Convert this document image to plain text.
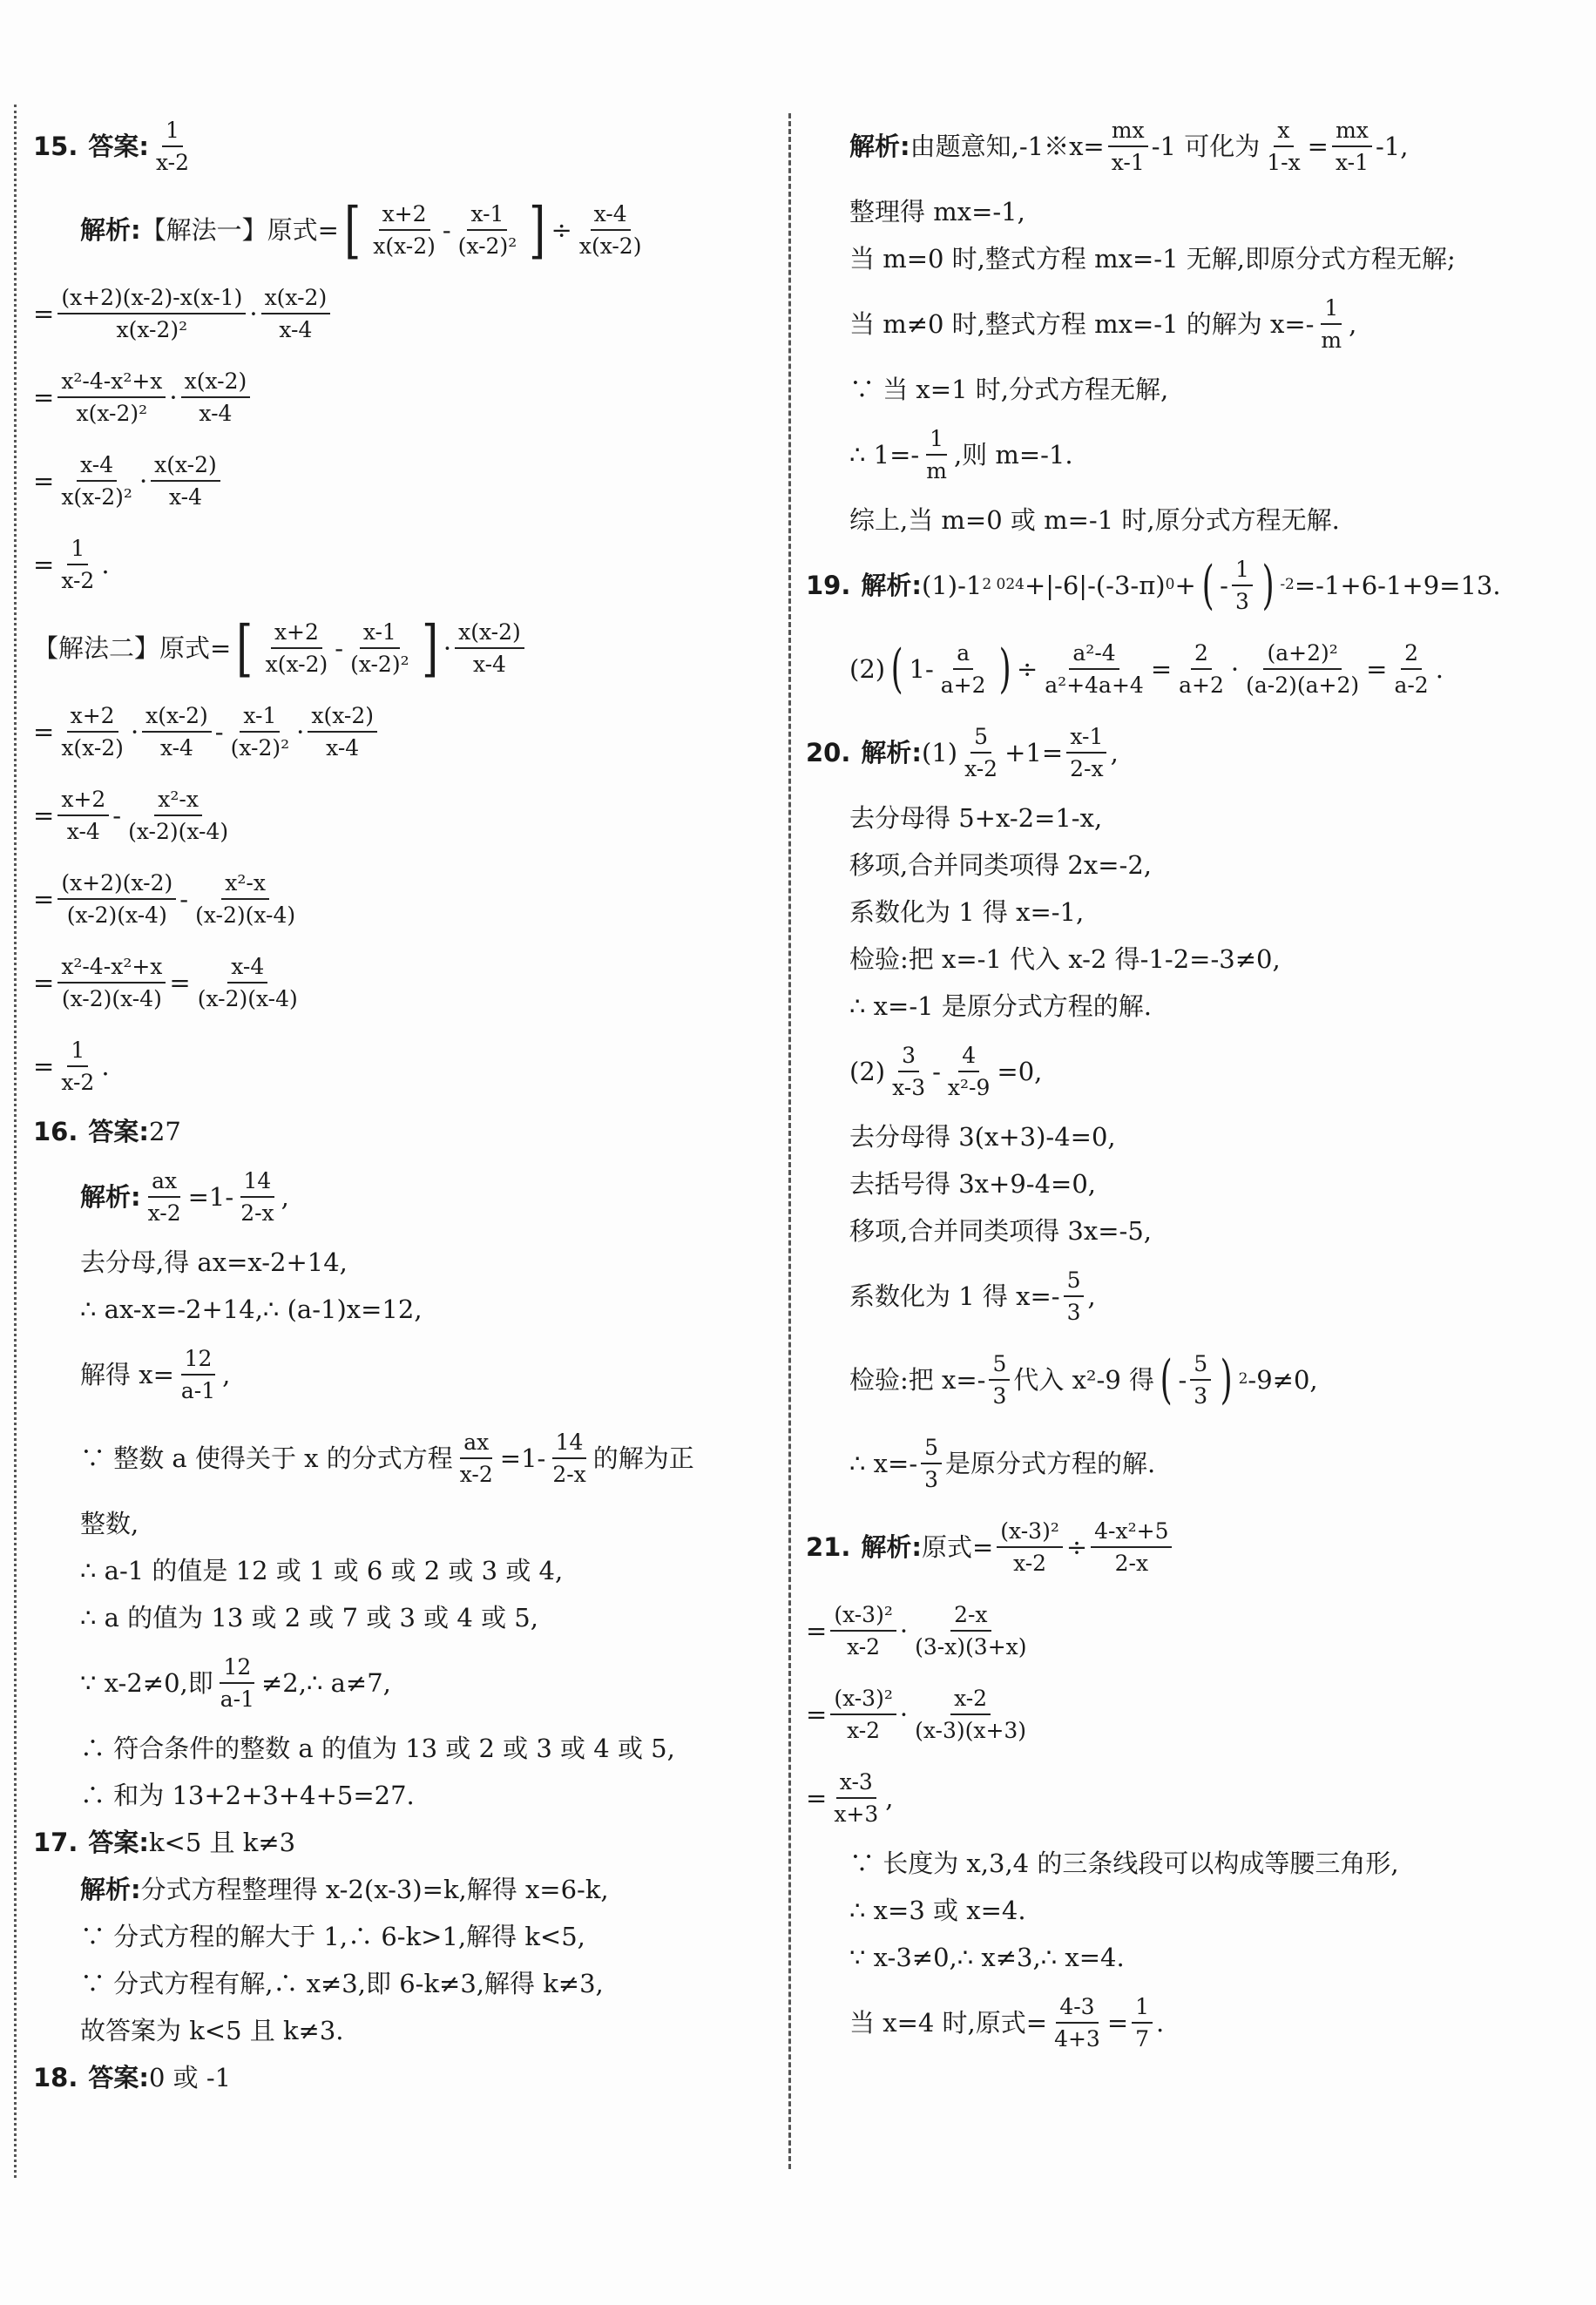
15. 答案: $\frac{1}{x-2}$
解析: 【解法一】原式= [ $\frac{x+2}{x(x-2)} - \frac{x-1}{\text{(x-2)²}}$ ] ÷ $\frac{x-4}{x(x-2)}$
= $\frac{(x+2)(x-2)-x(x-1)}{\text{x(x-2)²}} \cdot \frac{x(x-2)}{x-4}$
= $\frac{\text{x²-4-x²+x}}{\text{x(x-2)²}} \cdot \frac{x(x-2)}{x-4}$
= $\frac{x-4}{\text{x(x-2)²}} \cdot \frac{x(x-2)}{x-4}$
= $\frac{1}{x-2}$ .
【解法二】原式= [ $\frac{x+2}{x(x-2)} - \frac{x-1}{\text{(x-2)²}}$ ] · $\frac{x(x-2)}{x-4}$
= $\frac{x+2}{x(x-2)} \cdot \frac{x(x-2)}{x-4} - \frac{x-1}{\text{(x-2)²}} \cdot \frac{x(x-2)}{x-4}$
= $\frac{x+2}{x-4} - \frac{\text{x²-x}}{(x-2)(x-4)}$
= $\frac{(x+2)(x-2)}{(x-2)(x-4)} - \frac{\text{x²-x}}{(x-2)(x-4)}$
= $\frac{\text{x²-4-x²+x}}{(x-2)(x-4)} = \frac{x-4}{(x-2)(x-4)}$
= $\frac{1}{x-2}$ .
16. 答案: 27
解析: $\frac{ax}{x-2} =1- \frac{14}{2-x}$ ,
去分母,得 ax=x-2+14,
∴ ax-x=-2+14,∴ (a-1)x=12,
解得 $x= \frac{12}{a-1}$ ,
∵ 整数 a 使得关于 x 的分式方程 $\frac{ax}{x-2} =1- \frac{14}{2-x}$ 的解为正
整数,
∴ a-1 的值是 12 或 1 或 6 或 2 或 3 或 4,
∴ a 的值为 13 或 2 或 7 或 3 或 4 或 5,
∵ x-2≠0,即 $\frac{12}{a-1}$ ≠2,∴ a≠7,
∴ 符合条件的整数 a 的值为 13 或 2 或 3 或 4 或 5,
∴ 和为 13+2+3+4+5=27.
17. 答案: k<5 且 k≠3
解析: 分式方程整理得 x-2(x-3)=k,解得 x=6-k,
∵ 分式方程的解大于 1,∴ 6-k>1,解得 k<5,
∵ 分式方程有解,∴ x≠3,即 6-k≠3,解得 k≠3,
故答案为 k<5 且 k≠3.
18. 答案: 0 或 -1
解析: 由题意知,-1※x= $\frac{mx}{x-1} -1$ 可化为 $\frac{x}{1-x} = \frac{mx}{x-1} -1$,
整理得 mx=-1,
当 m=0 时,整式方程 mx=-1 无解,即原分式方程无解;
当 m≠0 时,整式方程 mx=-1 的解为 $x=- \frac{1}{m}$ ,
∵ 当 x=1 时,分式方程无解,
∴ $1=- \frac{1}{m}$ ,则 m=-1.
综上,当 m=0 或 m=-1 时,原分式方程无解.
19. 解析: (1)-1 2 024 +|-6|-(-3-π) 0 + ( - $\frac{1}{3}$ ) -2 =-1+6-1+9=13.
(2) ( $1- \frac{a}{a+2}$ ) ÷ $\frac{\text{a²-4}}{\text{a²+4a+4}} = \frac{2}{a+2} \cdot \frac{\text{(a+2)²}}{(a-2)(a+2)} = \frac{2}{a-2}$ .
20. 解析: $(1) \frac{5}{x-2} +1= \frac{x-1}{2-x}$ ,
去分母得 5+x-2=1-x,
移项,合并同类项得 2x=-2,
系数化为 1 得 x=-1,
检验:把 x=-1 代入 x-2 得-1-2=-3≠0,
∴ x=-1 是原分式方程的解.
$(2) \frac{3}{x-3} - \frac{4}{\text{x²-9}} =0$,
去分母得 3(x+3)-4=0,
去括号得 3x+9-4=0,
移项,合并同类项得 3x=-5,
系数化为 1 得 $x=- \frac{5}{3}$ ,
检验:把 $x=- \frac{5}{3}$ 代入 x²-9 得 ( - $\frac{5}{3}$ ) 2 -9≠0,
∴ $x=- \frac{5}{3}$ 是原分式方程的解.
21. 解析: 原式= $\frac{\text{(x-3)²}}{x-2} \div \frac{\text{4-x²+5}}{2-x}$
= $\frac{\text{(x-3)²}}{x-2} \cdot \frac{2-x}{(3-x)(3+x)}$
= $\frac{\text{(x-3)²}}{x-2} \cdot \frac{x-2}{(x-3)(x+3)}$
= $\frac{x-3}{x+3}$ ,
∵ 长度为 x,3,4 的三条线段可以构成等腰三角形,
∴ x=3 或 x=4.
∵ x-3≠0,∴ x≠3,∴ x=4.
当 x=4 时,原式= $\frac{4-3}{4+3} = \frac{1}{7}$ .
